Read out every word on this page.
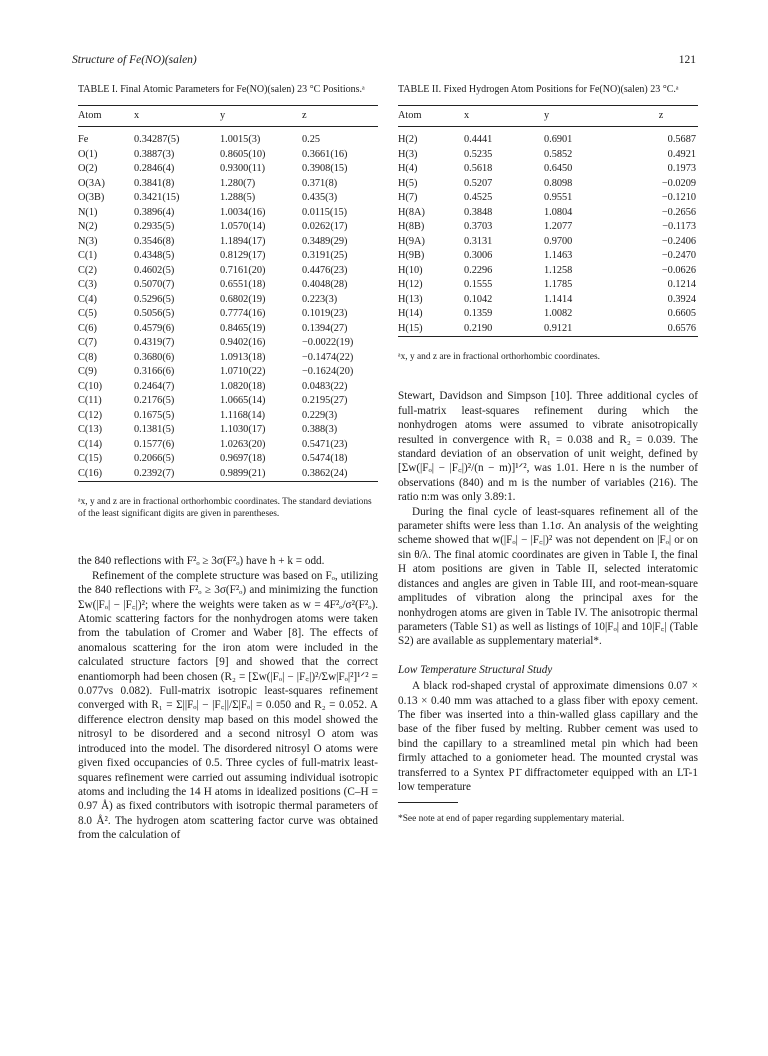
Structure of Fe(NO)(salen)	121

TABLE I. Final Atomic Parameters for Fe(NO)(salen) 23 °C Positions.ᵃ

Atom	x	y	z
Fe	0.34287(5)	1.0015(3)	0.25
O(1)	0.3887(3)	0.8605(10)	0.3661(16)
O(2)	0.2846(4)	0.9300(11)	0.3908(15)
O(3A)	0.3841(8)	1.280(7)	0.371(8)
O(3B)	0.3421(15)	1.288(5)	0.435(3)
N(1)	0.3896(4)	1.0034(16)	0.0115(15)
N(2)	0.2935(5)	1.0570(14)	0.0262(17)
N(3)	0.3546(8)	1.1894(17)	0.3489(29)
C(1)	0.4348(5)	0.8129(17)	0.3191(25)
C(2)	0.4602(5)	0.7161(20)	0.4476(23)
C(3)	0.5070(7)	0.6551(18)	0.4048(28)
C(4)	0.5296(5)	0.6802(19)	0.223(3)
C(5)	0.5056(5)	0.7774(16)	0.1019(23)
C(6)	0.4579(6)	0.8465(19)	0.1394(27)
C(7)	0.4319(7)	0.9402(16)	−0.0022(19)
C(8)	0.3680(6)	1.0913(18)	−0.1474(22)
C(9)	0.3166(6)	1.0710(22)	−0.1624(20)
C(10)	0.2464(7)	1.0820(18)	0.0483(22)
C(11)	0.2176(5)	1.0665(14)	0.2195(27)
C(12)	0.1675(5)	1.1168(14)	0.229(3)
C(13)	0.1381(5)	1.1030(17)	0.388(3)
C(14)	0.1577(6)	1.0263(20)	0.5471(23)
C(15)	0.2066(5)	0.9697(18)	0.5474(18)
C(16)	0.2392(7)	0.9899(21)	0.3862(24)

ᵃx, y and z are in fractional orthorhombic coordinates. The standard deviations of the least significant digits are given in parentheses.

the 840 reflections with F²ₒ ≥ 3σ(F²ₒ) have h + k = odd.

Refinement of the complete structure was based on Fₒ, utilizing the 840 reflections with F²ₒ ≥ 3σ(F²ₒ) and minimizing the function Σw(|Fₒ| − |F꜀|)²; where the weights were taken as w = 4F²ₒ/σ²(F²ₒ). Atomic scattering factors for the nonhydrogen atoms were taken from the tabulation of Cromer and Waber [8]. The effects of anomalous scattering for the iron atom were included in the calculated structure factors [9] and showed that the correct enantiomorph had been chosen (R₂ = [Σw(|Fₒ| − |F꜀|)²/Σw|Fₒ|²]¹ᐟ² = 0.077vs 0.082). Full-matrix isotropic least-squares refinement converged with R₁ = Σ||Fₒ| − |F꜀||/Σ|Fₒ| = 0.050 and R₂ = 0.052. A difference electron density map based on this model showed the nitrosyl to be disordered and a second nitrosyl O atom was introduced into the model. The disordered nitrosyl O atoms were given fixed occupancies of 0.5. Three cycles of full-matrix least-squares refinement were carried out assuming individual isotropic atoms and including the 14 H atoms in idealized positions (C–H = 0.97 Å) as fixed contributors with isotropic thermal parameters of 8.0 Å². The hydrogen atom scattering factor curve was obtained from the calculation of

TABLE II. Fixed Hydrogen Atom Positions for Fe(NO)(salen) 23 °C.ᵃ

Atom	x	y	z
H(2)	0.4441	0.6901	0.5687
H(3)	0.5235	0.5852	0.4921
H(4)	0.5618	0.6450	0.1973
H(5)	0.5207	0.8098	−0.0209
H(7)	0.4525	0.9551	−0.1210
H(8A)	0.3848	1.0804	−0.2656
H(8B)	0.3703	1.2077	−0.1173
H(9A)	0.3131	0.9700	−0.2406
H(9B)	0.3006	1.1463	−0.2470
H(10)	0.2296	1.1258	−0.0626
H(12)	0.1555	1.1785	0.1214
H(13)	0.1042	1.1414	0.3924
H(14)	0.1359	1.0082	0.6605
H(15)	0.2190	0.9121	0.6576

ᵃx, y and z are in fractional orthorhombic coordinates.

Stewart, Davidson and Simpson [10]. Three additional cycles of full-matrix least-squares refinement during which the nonhydrogen atoms were assumed to vibrate anisotropically resulted in convergence with R₁ = 0.038 and R₂ = 0.039. The standard deviation of an observation of unit weight, defined by [Σw(|Fₒ| − |F꜀|)²/(n − m)]¹ᐟ², was 1.01. Here n is the number of observations (840) and m is the number of variables (216). The ratio n:m was only 3.89:1.

During the final cycle of least-squares refinement all of the parameter shifts were less than 1.1σ. An analysis of the weighting scheme showed that w(|Fₒ| − |F꜀|)² was not dependent on |Fₒ| or on sin θ/λ. The final atomic coordinates are given in Table I, the final H atom positions are given in Table II, selected interatomic distances and angles are given in Table III, and root-mean-square amplitudes of vibration along the principal axes for the nonhydrogen atoms are given in Table IV. The anisotropic thermal parameters (Table S1) as well as listings of 10|Fₒ| and 10|F꜀| (Table S2) are available as supplementary material*.

Low Temperature Structural Study

A black rod-shaped crystal of approximate dimensions 0.07 × 0.13 × 0.40 mm was attached to a glass fiber with epoxy cement. The fiber was inserted into a thin-walled glass capillary and the base of the fiber fused by melting. Rubber cement was used to bind the capillary to a streamlined metal pin which had been firmly attached to a goniometer head. The mounted crystal was transferred to a Syntex P1̄ diffractometer equipped with an LT-1 low temperature

*See note at end of paper regarding supplementary material.
